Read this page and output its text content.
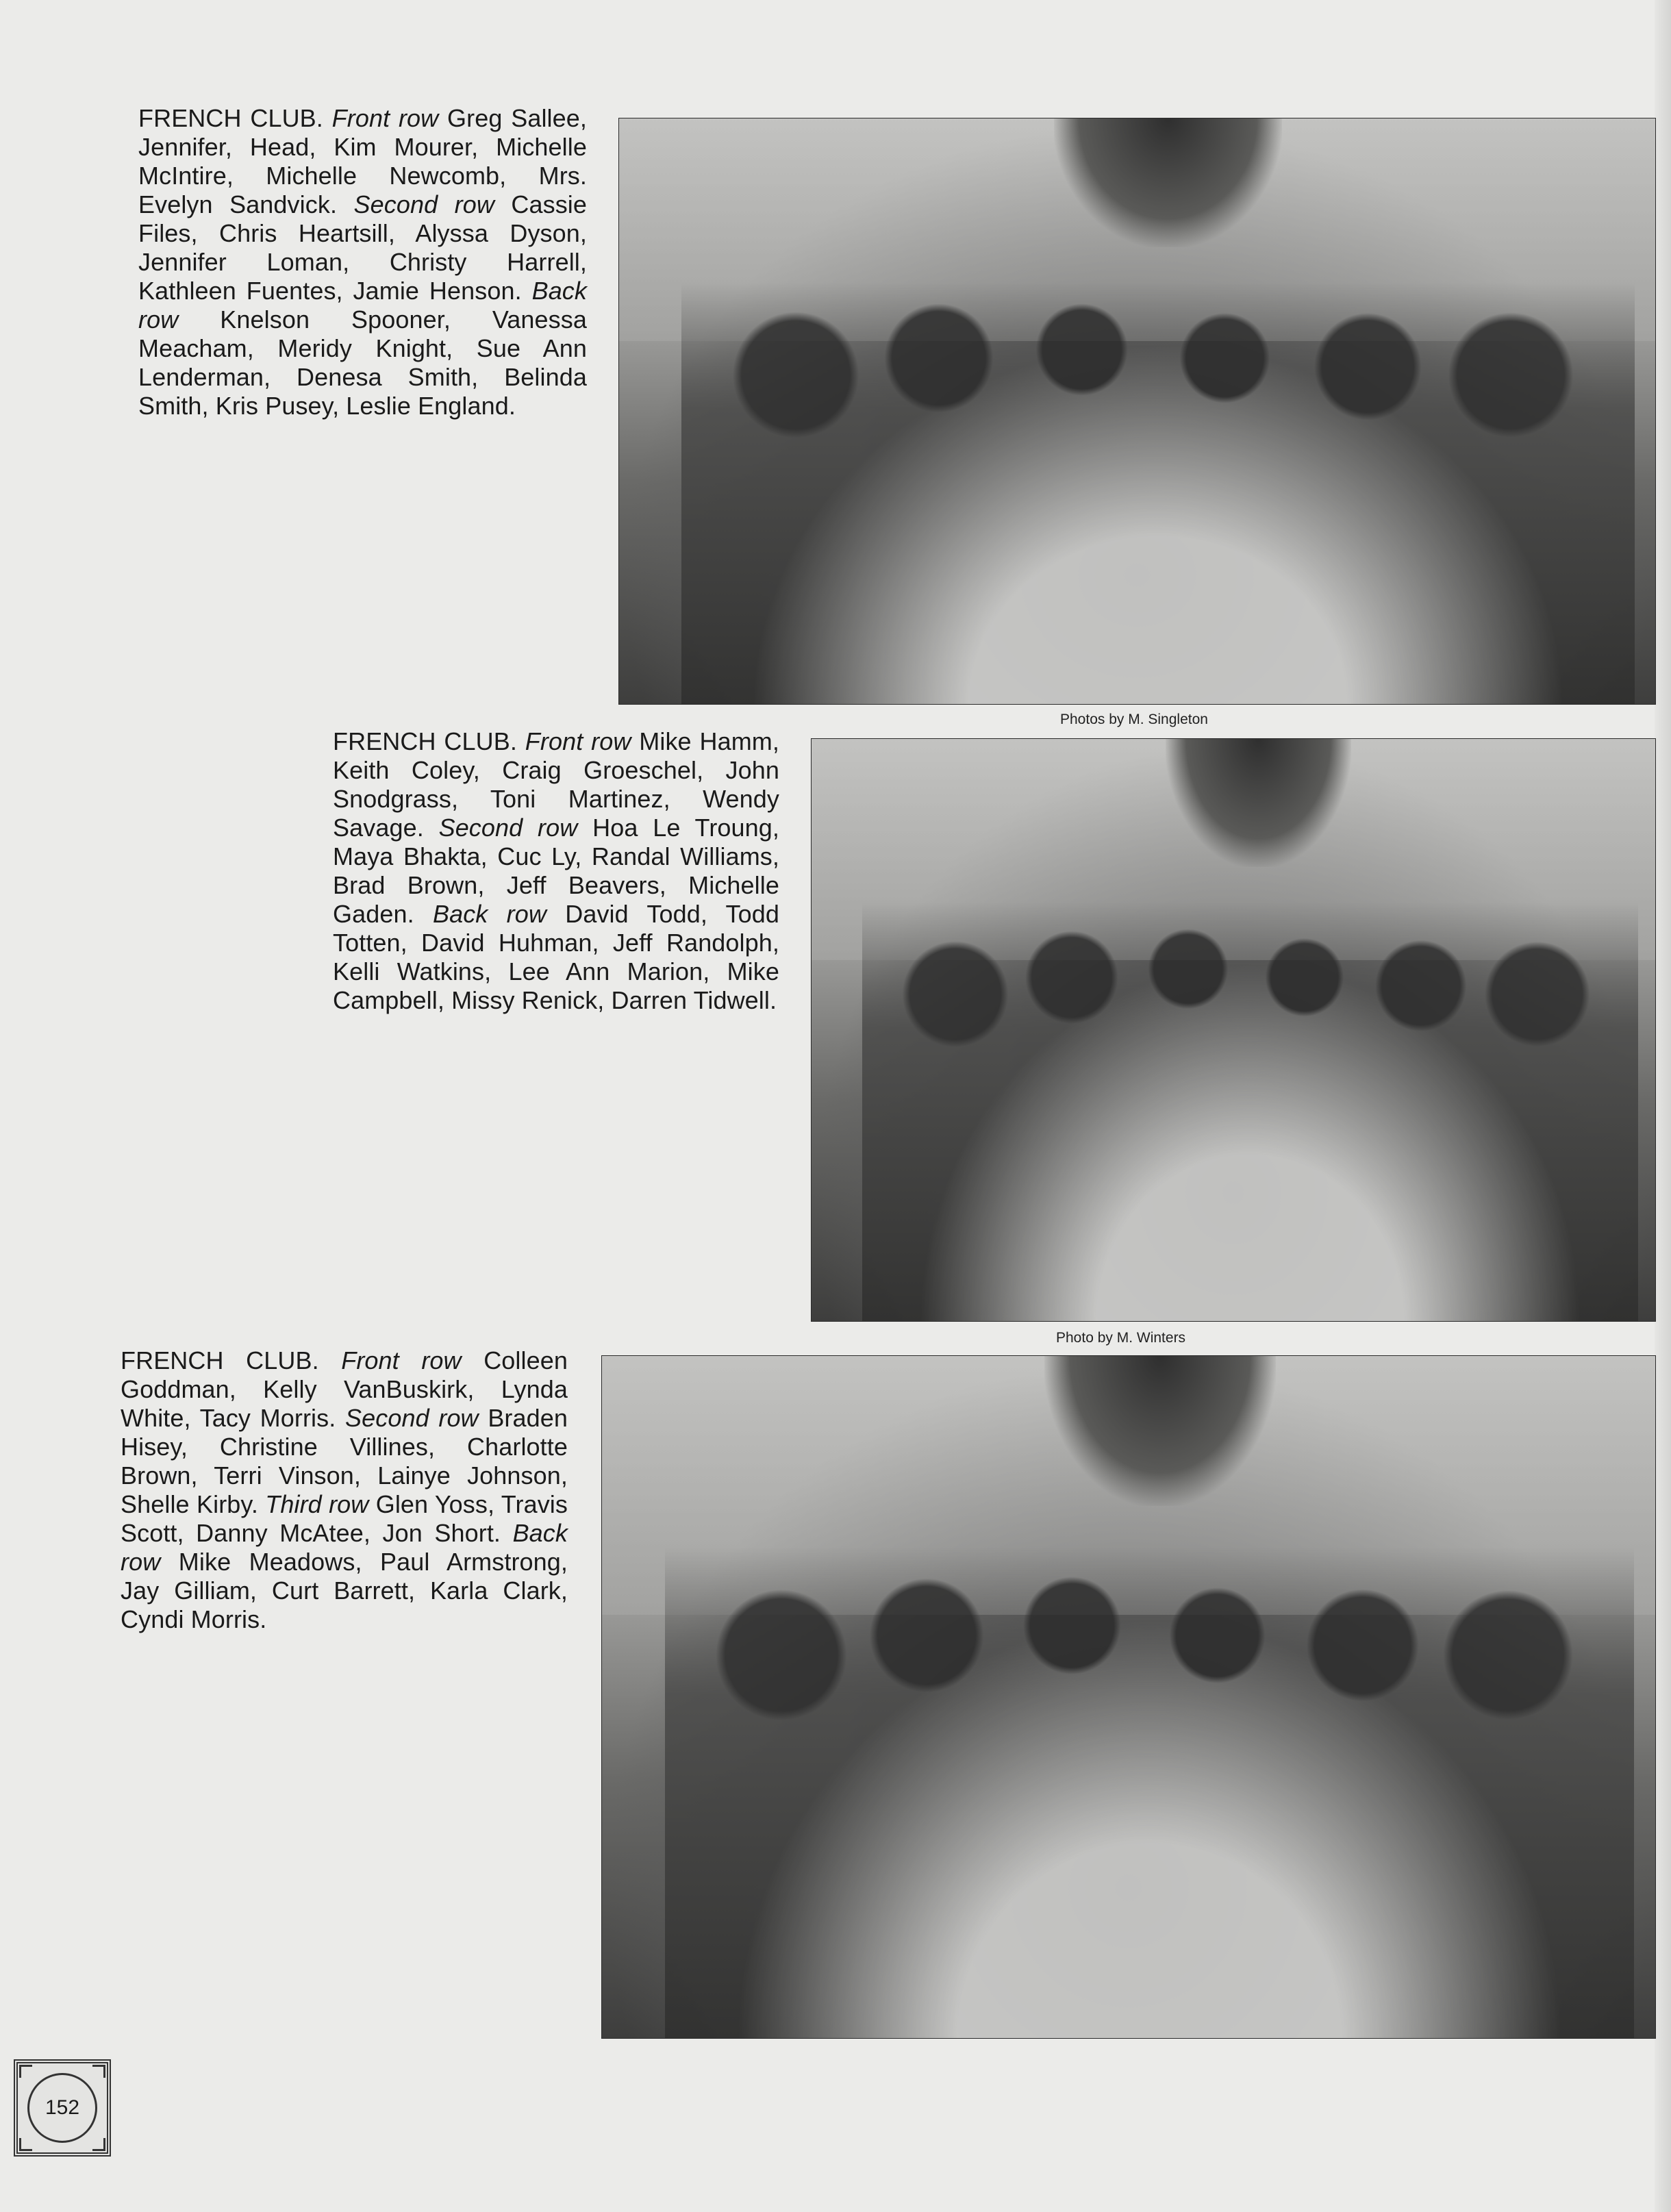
FRENCH CLUB. Front row Greg Sallee, Jennifer, Head, Kim Mourer, Michelle McIntire, Michelle Newcomb, Mrs. Evelyn Sandvick. Second row Cassie Files, Chris Heartsill, Alyssa Dyson, Jennifer Loman, Christy Harrell, Kathleen Fuentes, Jamie Henson. Back row Knelson Spooner, Vanessa Meacham, Meridy Knight, Sue Ann Lenderman, Denesa Smith, Belinda Smith, Kris Pusey, Leslie England.

Photos by M. Singleton

FRENCH CLUB. Front row Mike Hamm, Keith Coley, Craig Groeschel, John Snodgrass, Toni Martinez, Wendy Savage. Second row Hoa Le Troung, Maya Bhakta, Cuc Ly, Randal Williams, Brad Brown, Jeff Beavers, Michelle Gaden. Back row David Todd, Todd Totten, David Huhman, Jeff Randolph, Kelli Watkins, Lee Ann Marion, Mike Campbell, Missy Renick, Darren Tidwell.

Photo by M. Winters

FRENCH CLUB. Front row Colleen Goddman, Kelly VanBuskirk, Lynda White, Tacy Morris. Second row Braden Hisey, Christine Villines, Charlotte Brown, Terri Vinson, Lainye Johnson, Shelle Kirby. Third row Glen Yoss, Travis Scott, Danny McAtee, Jon Short. Back row Mike Meadows, Paul Armstrong, Jay Gilliam, Curt Barrett, Karla Clark, Cyndi Morris.

152
